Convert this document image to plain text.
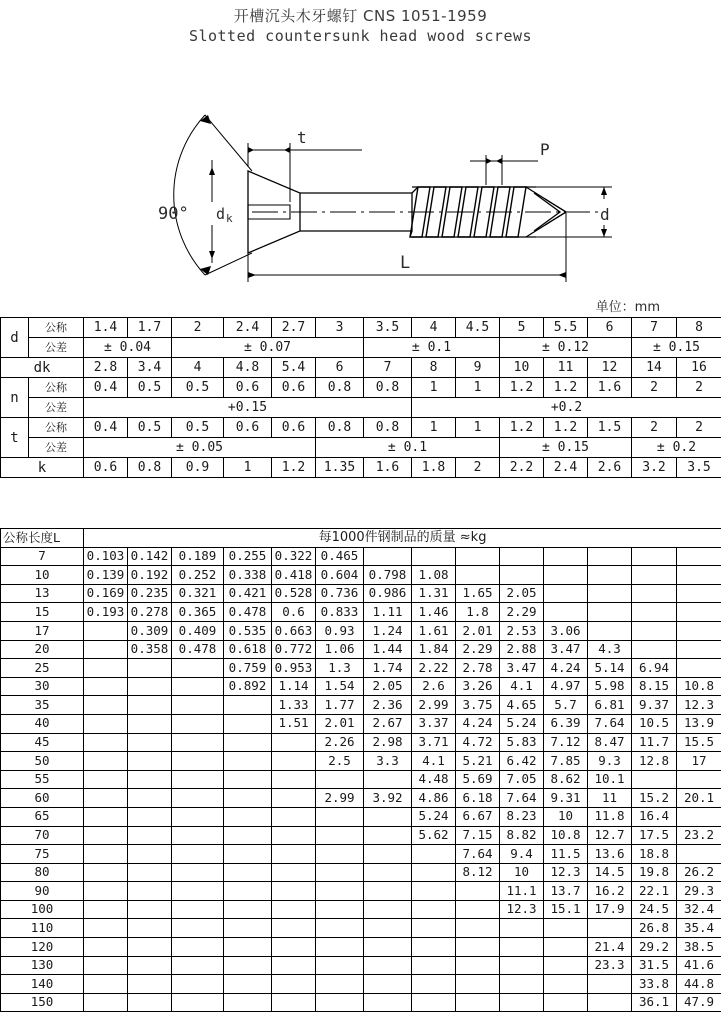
开槽沉头木牙螺钉 CNS 1051-1959
Slotted countersunk head wood screws
90° d k
t
P
d
L
单位：mm
d	公称	1.4	1.7	2	2.4	2.7	3	3.5	4	4.5	5	5.5	6	7	8
	公差	± 0.04		± 0.07				± 0.1			± 0.12			± 0.15	
dk		2.8	3.4	4	4.8	5.4	6	7	8	9	10	11	12	14	16
n	公称	0.4	0.5	0.5	0.6	0.6	0.8	0.8	1	1	1.2	1.2	1.6	2	2
	公差	+0.15							+0.2						
t	公称	0.4	0.5	0.5	0.6	0.6	0.8	0.8	1	1	1.2	1.2	1.5	2	2
	公差	± 0.05					± 0.1				± 0.15			± 0.2	
k		0.6	0.8	0.9	1	1.2	1.35	1.6	1.8	2	2.2	2.4	2.6	3.2	3.5
公称长度L	每1000件钢制品的质量 ≈kg													
7	0.103	0.142	0.189	0.255	0.322	0.465								
10	0.139	0.192	0.252	0.338	0.418	0.604	0.798	1.08						
13	0.169	0.235	0.321	0.421	0.528	0.736	0.986	1.31	1.65	2.05				
15	0.193	0.278	0.365	0.478	0.6	0.833	1.11	1.46	1.8	2.29				
17		0.309	0.409	0.535	0.663	0.93	1.24	1.61	2.01	2.53	3.06			
20		0.358	0.478	0.618	0.772	1.06	1.44	1.84	2.29	2.88	3.47	4.3		
25				0.759	0.953	1.3	1.74	2.22	2.78	3.47	4.24	5.14	6.94	
30				0.892	1.14	1.54	2.05	2.6	3.26	4.1	4.97	5.98	8.15	10.8
35					1.33	1.77	2.36	2.99	3.75	4.65	5.7	6.81	9.37	12.3
40					1.51	2.01	2.67	3.37	4.24	5.24	6.39	7.64	10.5	13.9
45						2.26	2.98	3.71	4.72	5.83	7.12	8.47	11.7	15.5
50						2.5	3.3	4.1	5.21	6.42	7.85	9.3	12.8	17
55								4.48	5.69	7.05	8.62	10.1		
60						2.99	3.92	4.86	6.18	7.64	9.31	11	15.2	20.1
65								5.24	6.67	8.23	10	11.8	16.4	
70								5.62	7.15	8.82	10.8	12.7	17.5	23.2
75									7.64	9.4	11.5	13.6	18.8	
80									8.12	10	12.3	14.5	19.8	26.2
90										11.1	13.7	16.2	22.1	29.3
100										12.3	15.1	17.9	24.5	32.4
110													26.8	35.4
120												21.4	29.2	38.5
130												23.3	31.5	41.6
140													33.8	44.8
150													36.1	47.9
